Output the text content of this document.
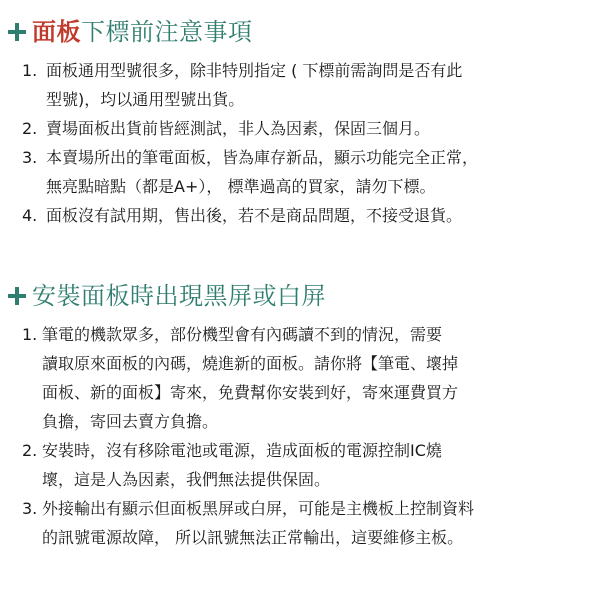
面板下標前注意事項
1. 面板通用型號很多，除非特別指定 ( 下標前需詢問是否有此
型號)，均以通用型號出貨。
2. 賣場面板出貨前皆經測試，非人為因素，保固三個月。
3. 本賣場所出的筆電面板，皆為庫存新品，顯示功能完全正常，
無亮點暗點（都是A+）， 標準過高的買家，請勿下標。
4. 面板沒有試用期，售出後，若不是商品問題，不接受退貨。
安裝面板時出現黑屏或白屏
1. 筆電的機款眾多，部份機型會有內碼讀不到的情況，需要
讀取原來面板的內碼，燒進新的面板。請你將【筆電、壞掉
面板、新的面板】寄來，免費幫你安裝到好，寄來運費買方
負擔，寄回去賣方負擔。
2. 安裝時，沒有移除電池或電源，造成面板的電源控制IC燒
壞，這是人為因素，我們無法提供保固。
3. 外接輸出有顯示但面板黑屏或白屏，可能是主機板上控制資料
的訊號電源故障， 所以訊號無法正常輸出，這要維修主板。
